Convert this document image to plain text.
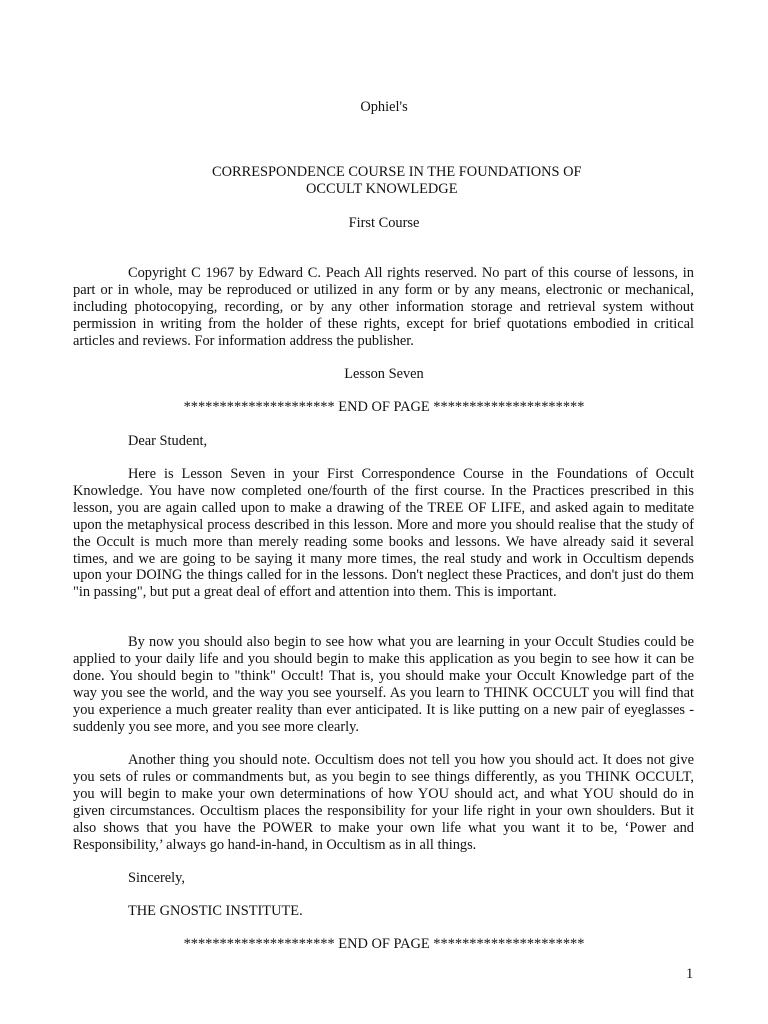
Ophiel's
CORRESPONDENCE COURSE IN THE FOUNDATIONS OF
OCCULT KNOWLEDGE
First Course

Copyright C 1967 by Edward C. Peach All rights reserved. No part of this course of lessons, in part or in whole, may be reproduced or utilized in any form or by any means, electronic or mechanical, including photocopying, recording, or by any other information storage and retrieval system without permission in writing from the holder of these rights, except for brief quotations embodied in critical articles and reviews. For information address the publisher.

Lesson Seven
********************* END OF PAGE *********************
Dear Student,

Here is Lesson Seven in your First Correspondence Course in the Foundations of Occult Knowledge. You have now completed one/fourth of the first course. In the Practices prescribed in this lesson, you are again called upon to make a drawing of the TREE OF LIFE, and asked again to meditate upon the metaphysical process described in this lesson. More and more you should realise that the study of the Occult is much more than merely reading some books and lessons. We have already said it several times, and we are going to be saying it many more times, the real study and work in Occultism depends upon your DOING the things called for in the lessons. Don't neglect these Practices, and don't just do them "in passing", but put a great deal of effort and attention into them. This is important.

By now you should also begin to see how what you are learning in your Occult Studies could be applied to your daily life and you should begin to make this application as you begin to see how it can be done. You should begin to "think" Occult! That is, you should make your Occult Knowledge part of the way you see the world, and the way you see yourself. As you learn to THINK OCCULT you will find that you experience a much greater reality than ever anticipated. It is like putting on a new pair of eyeglasses - suddenly you see more, and you see more clearly.

Another thing you should note. Occultism does not tell you how you should act. It does not give you sets of rules or commandments but, as you begin to see things differently, as you THINK OCCULT, you will begin to make your own determinations of how YOU should act, and what YOU should do in given circumstances. Occultism places the responsibility for your life right in your own shoulders. But it also shows that you have the POWER to make your own life what you want it to be, ‘Power and Responsibility,’ always go hand-in-hand, in Occultism as in all things.

Sincerely,
THE GNOSTIC INSTITUTE.
********************* END OF PAGE *********************
1
